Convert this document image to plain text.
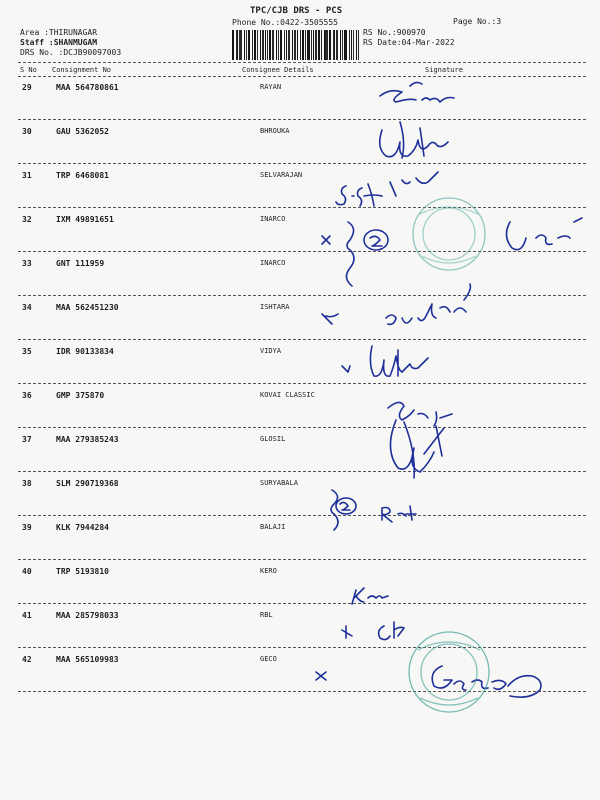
TPC/CJB DRS - PCS
Phone No.:0422-3505555	Page No.:3
Area :THIRUNAGAR
Staff :SHANMUGAM
DRS No. :DCJB90097003
RS No.:900970
RS Date:04-Mar-2022
S No Consignment No	Consignee Details	Signature
29	MAA 564780861	RAYAN
30	GAU 5362052	BHROUKA
31	TRP 6468081	SELVARAJAN
32	IXM 49891651	INARCO
33	GNT 111959	INARCO
34	MAA 562451230	ISHTARA
35	IDR 90133834	VIDYA
36	GMP 375870	KOVAI CLASSIC
37	MAA 279385243	GLOSIL
38	SLM 290719368	SURYABALA
39	KLK 7944284	BALAJI
40	TRP 5193810	KERO
41	MAA 285798033	RBL
42	MAA 565109983	GECO
